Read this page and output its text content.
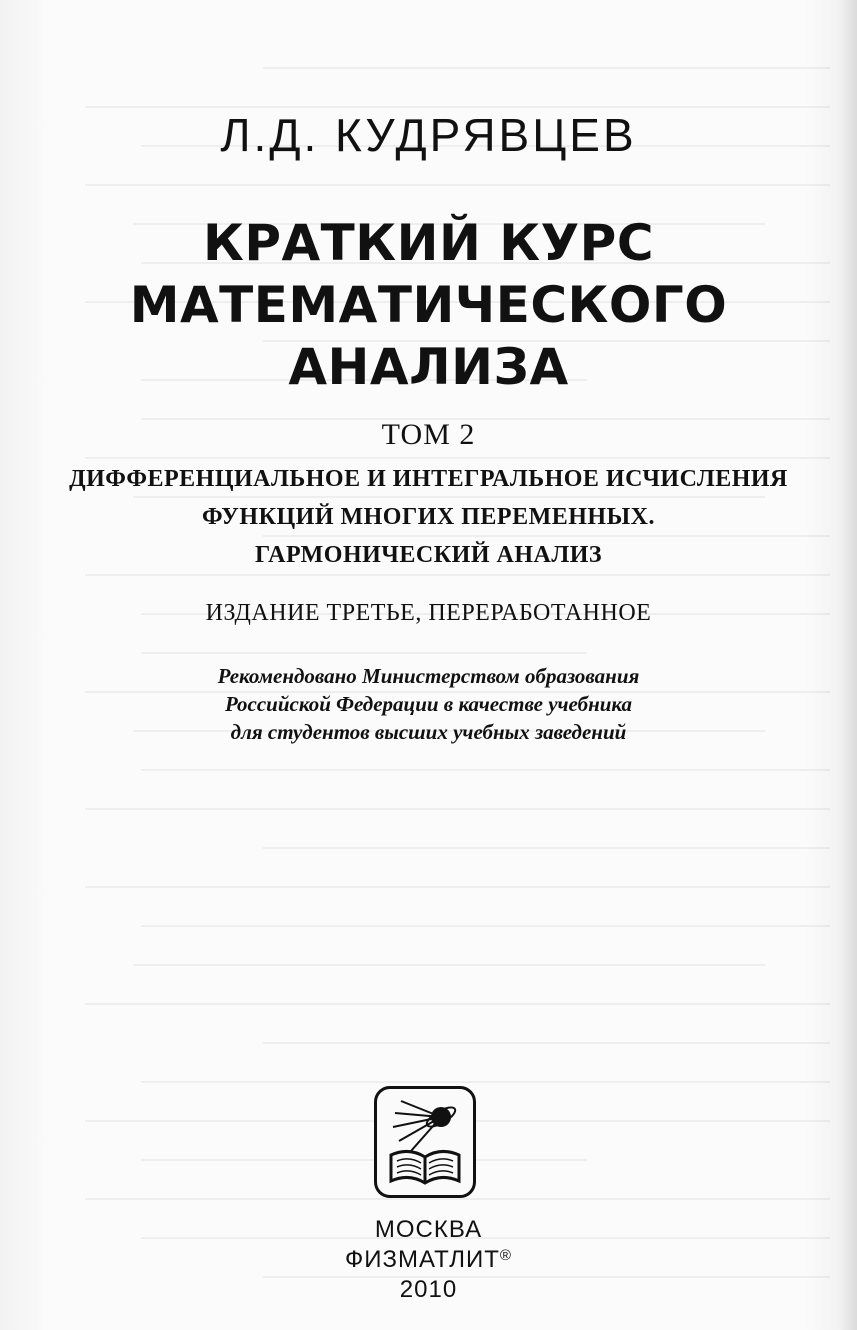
Л.Д. КУДРЯВЦЕВ
КРАТКИЙ КУРС
МАТЕМАТИЧЕСКОГО
АНАЛИЗА
ТОМ 2
ДИФФЕРЕНЦИАЛЬНОЕ И ИНТЕГРАЛЬНОЕ ИСЧИСЛЕНИЯ
ФУНКЦИЙ МНОГИХ ПЕРЕМЕННЫХ.
ГАРМОНИЧЕСКИЙ АНАЛИЗ
ИЗДАНИЕ ТРЕТЬЕ, ПЕРЕРАБОТАННОЕ
Рекомендовано Министерством образования
Российской Федерации в качестве учебника
для студентов высших учебных заведений
МОСКВА
ФИЗМАТЛИТ®
2010
